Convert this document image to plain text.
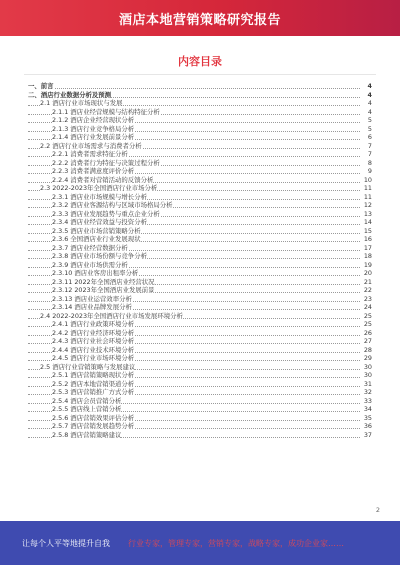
酒店本地营销策略研究报告
内容目录
一、前言	4
二、酒店行业数据分析及预测	4
2.1 酒店行业市场现状与发展	4
2.1.1 酒店业经营规模与结构特征分析	4
2.1.2 酒店企业经营现状分析	5
2.1.3 酒店行业竞争格局分析	5
2.1.4 酒店行业发展前景分析	6
2.2 酒店行业市场需求与消费者分析	7
2.2.1 消费者需求特征分析	7
2.2.2 消费者行为特征与决策过程分析	8
2.2.3 消费者满意度评价分析	9
2.2.4 消费者对营销活动的反馈分析	10
2.3 2022-2023年全国酒店行业市场分析	11
2.3.1 酒店业市场规模与增长分析	11
2.3.2 酒店业客源结构与区域市场格局分析	12
2.3.3 酒店业发展趋势与重点企业分析	13
2.3.4 酒店业经营效益与投资分析	14
2.3.5 酒店业市场营销策略分析	15
2.3.6 全国酒店业行业发展现状	16
2.3.7 酒店业经营数据分析	17
2.3.8 酒店业市场份额与竞争分析	18
2.3.9 酒店业市场供需分析	19
2.3.10 酒店业客房出租率分析	20
2.3.11 2022年全国酒店业经营状况	21
2.3.12 2023年全国酒店业发展前景	22
2.3.13 酒店业运营效率分析	23
2.3.14 酒店业品牌发展分析	24
2.4 2022-2023年全国酒店行业市场发展环境分析	25
2.4.1 酒店行业政策环境分析	25
2.4.2 酒店行业经济环境分析	26
2.4.3 酒店行业社会环境分析	27
2.4.4 酒店行业技术环境分析	28
2.4.5 酒店行业市场环境分析	29
2.5 酒店行业营销策略与发展建议	30
2.5.1 酒店营销策略现状分析	30
2.5.2 酒店本地营销渠道分析	31
2.5.3 酒店营销推广方式分析	32
2.5.4 酒店会员营销分析	33
2.5.5 酒店线上营销分析	34
2.5.6 酒店营销效果评估分析	35
2.5.7 酒店营销发展趋势分析	36
2.5.8 酒店营销策略建议	37
2
让每个人平等地提升自我 行业专家，管理专家，营销专家，战略专家，成功企业家……
